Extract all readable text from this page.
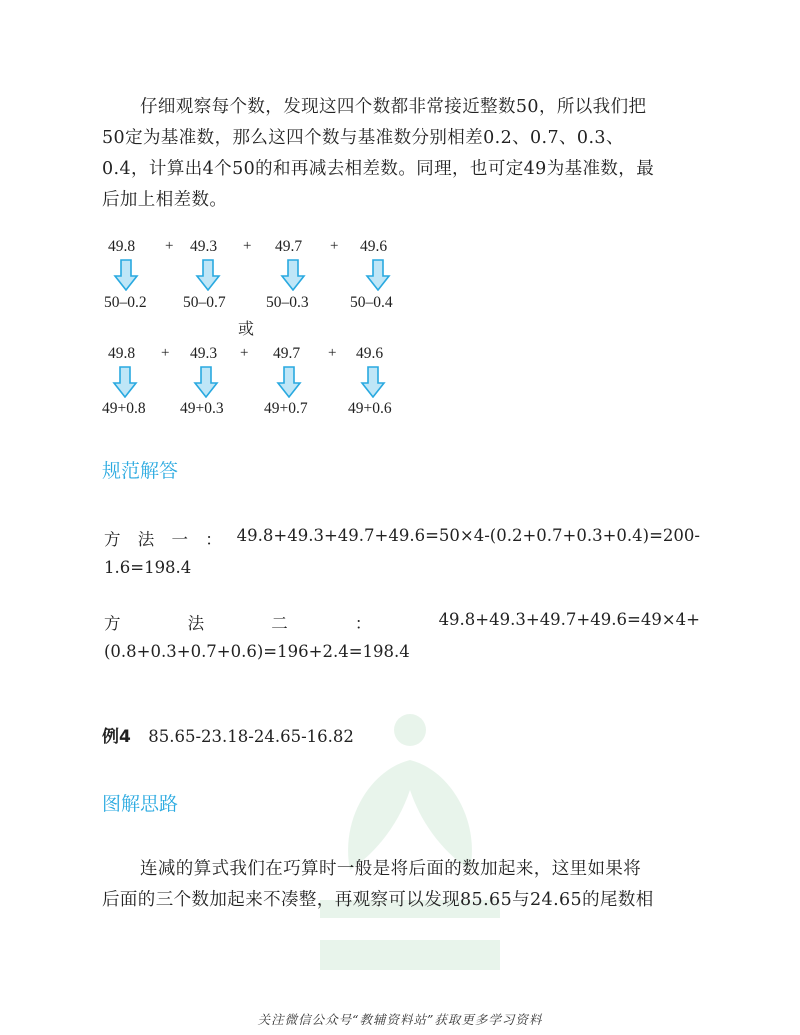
仔细观察每个数，发现这四个数都非常接近整数50，所以我们把
50定为基准数，那么这四个数与基准数分别相差0.2、0.7、0.3、
0.4，计算出4个50的和再减去相差数。同理，也可定49为基准数，最
后加上相差数。
49.8 + 49.3 + 49.7 + 49.6
50–0.2 50–0.7	50–0.3	50–0.4
或
49.8 + 49.3 + 49.7 + 49.6
49+0.8 49+0.3	49+0.7	49+0.6
规范解答
方 法 一 ： 49.8+49.3+49.7+49.6=50×4-(0.2+0.7+0.3+0.4)=200-
1.6=198.4
方	法	二	：	49.8+49.3+49.7+49.6=49×4+
(0.8+0.3+0.7+0.6)=196+2.4=198.4
例4 85.65-23.18-24.65-16.82
图解思路
连减的算式我们在巧算时一般是将后面的数加起来，这里如果将
后面的三个数加起来不凑整，再观察可以发现85.65与24.65的尾数相
关注微信公众号“教辅资料站”获取更多学习资料
